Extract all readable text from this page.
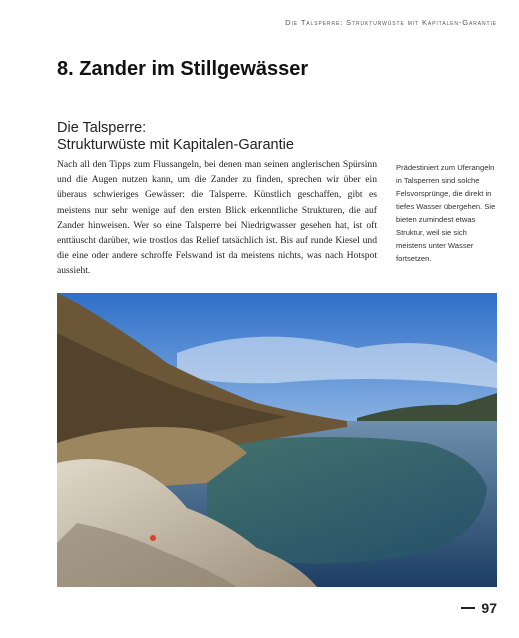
Die Talsperre: Strukturwüste mit Kapitalen-Garantie
8. Zander im Stillgewässer
Die Talsperre:
Strukturwüste mit Kapitalen-Garantie

Nach all den Tipps zum Flussangeln, bei denen man seinen anglerischen Spürsinn und die Augen nutzen kann, um die Zander zu finden, sprechen wir über ein überaus schwieriges Gewässer: die Talsperre. Künstlich geschaffen, gibt es meistens nur sehr wenige auf den ersten Blick erkenntliche Strukturen, die auf Zander hinweisen. Wer so eine Talsperre bei Niedrigwasser gesehen hat, ist oft enttäuscht darüber, wie trostlos das Relief tatsächlich ist. Bis auf runde Kiesel und die eine oder andere schroffe Felswand ist da meistens nichts, was nach Hotspot aussieht.

Prädestiniert zum Uferangeln in Talsperren sind solche Felsvorsprünge, die direkt in tiefes Wasser übergehen. Sie bieten zumindest etwas Struktur, weil sie sich meistens unter Wasser fortsetzen.

97
